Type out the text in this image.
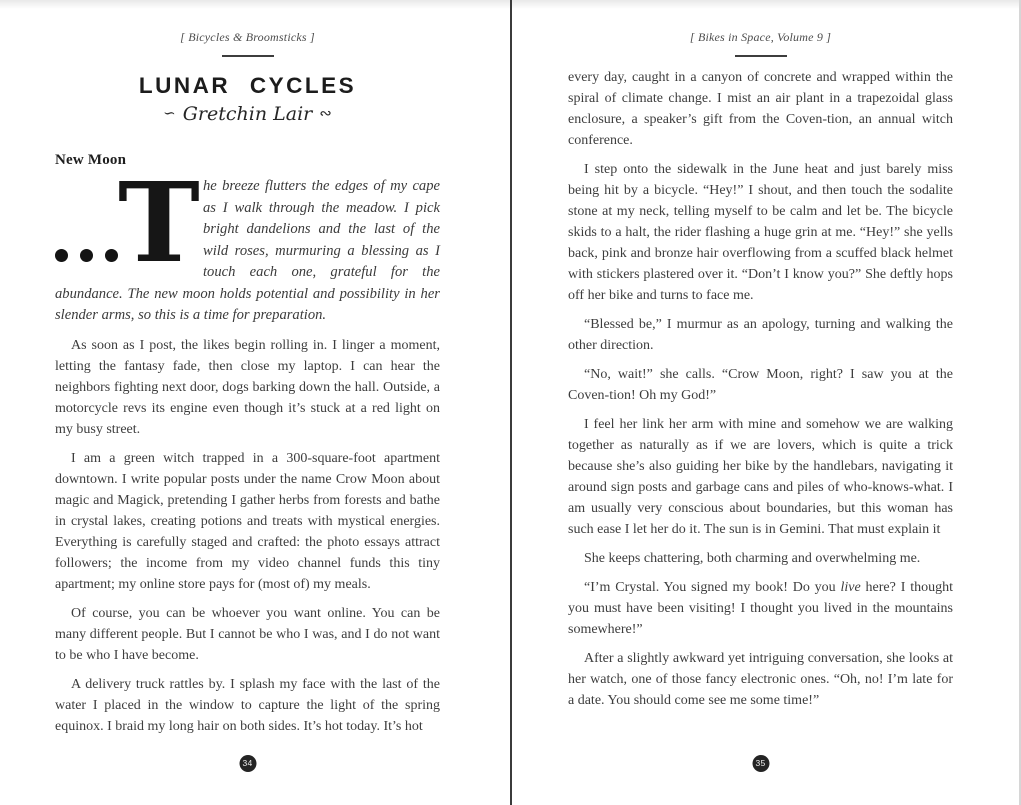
[ Bicycles & Broomsticks ]
LUNAR CYCLES
∽ Gretchin Lair ∾
New Moon

T he breeze flutters the edges of my cape as I walk through the meadow. I pick bright dandelions and the last of the wild roses, murmuring a blessing as I touch each one, grateful for the abundance. The new moon holds potential and possibility in her slender arms, so this is a time for preparation.

As soon as I post, the likes begin rolling in. I linger a moment, letting the fantasy fade, then close my laptop. I can hear the neighbors fighting next door, dogs barking down the hall. Outside, a motorcycle revs its engine even though it’s stuck at a red light on my busy street.

I am a green witch trapped in a 300-square-foot apartment downtown. I write popular posts under the name Crow Moon about magic and Magick, pretending I gather herbs from forests and bathe in crystal lakes, creating potions and treats with mystical energies. Everything is carefully staged and crafted: the photo essays attract followers; the income from my video channel funds this tiny apartment; my online store pays for (most of) my meals.

Of course, you can be whoever you want online. You can be many different people. But I cannot be who I was, and I do not want to be who I have become.

A delivery truck rattles by. I splash my face with the last of the water I placed in the window to capture the light of the spring equinox. I braid my long hair on both sides. It’s hot today. It’s hot

34
[ Bikes in Space, Volume 9 ]

every day, caught in a canyon of concrete and wrapped within the spiral of climate change. I mist an air plant in a trapezoidal glass enclosure, a speaker’s gift from the Coven-tion, an annual witch conference.

I step onto the sidewalk in the June heat and just barely miss being hit by a bicycle. “Hey!” I shout, and then touch the sodalite stone at my neck, telling myself to be calm and let be. The bicycle skids to a halt, the rider flashing a huge grin at me. “Hey!” she yells back, pink and bronze hair overflowing from a scuffed black helmet with stickers plastered over it. “Don’t I know you?” She deftly hops off her bike and turns to face me.

“Blessed be,” I murmur as an apology, turning and walking the other direction.

“No, wait!” she calls. “Crow Moon, right? I saw you at the Coven-tion! Oh my God!”

I feel her link her arm with mine and somehow we are walking together as naturally as if we are lovers, which is quite a trick because she’s also guiding her bike by the handlebars, navigating it around sign posts and garbage cans and piles of who-knows-what. I am usually very conscious about boundaries, but this woman has such ease I let her do it. The sun is in Gemini. That must explain it

She keeps chattering, both charming and overwhelming me.

“I’m Crystal. You signed my book! Do you live here? I thought you must have been visiting! I thought you lived in the mountains somewhere!”

After a slightly awkward yet intriguing conversation, she looks at her watch, one of those fancy electronic ones. “Oh, no! I’m late for a date. You should come see me some time!”

35
